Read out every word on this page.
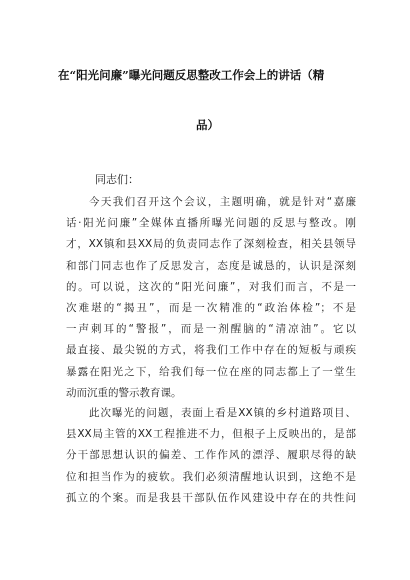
在“阳光问廉”曝光问题反思整改工作会上的讲话（精
品）
同志们：
今天我们召开这个会议，主题明确，就是针对“嘉廉
话·阳光问廉”全媒体直播所曝光问题的反思与整改。刚
才，XX镇和县XX局的负责同志作了深刻检查，相关县领导
和部门同志也作了反思发言，态度是诚恳的，认识是深刻
的。可以说，这次的“阳光问廉”，对我们而言，不是一
次难堪的“揭丑”，而是一次精准的“政治体检”；不是
一声刺耳的“警报”，而是一剂醒脑的“清凉油”。它以
最直接、最尖锐的方式，将我们工作中存在的短板与顽疾
暴露在阳光之下，给我们每一位在座的同志都上了一堂生
动而沉重的警示教育课。
此次曝光的问题，表面上看是XX镇的乡村道路项目、
县XX局主管的XX工程推进不力，但根子上反映出的，是部
分干部思想认识的偏差、工作作风的漂浮、履职尽得的缺
位和担当作为的疲软。我们必须清醒地认识到，这绝不是
孤立的个案。而是我县干部队伍作风建设中存在的共性问
